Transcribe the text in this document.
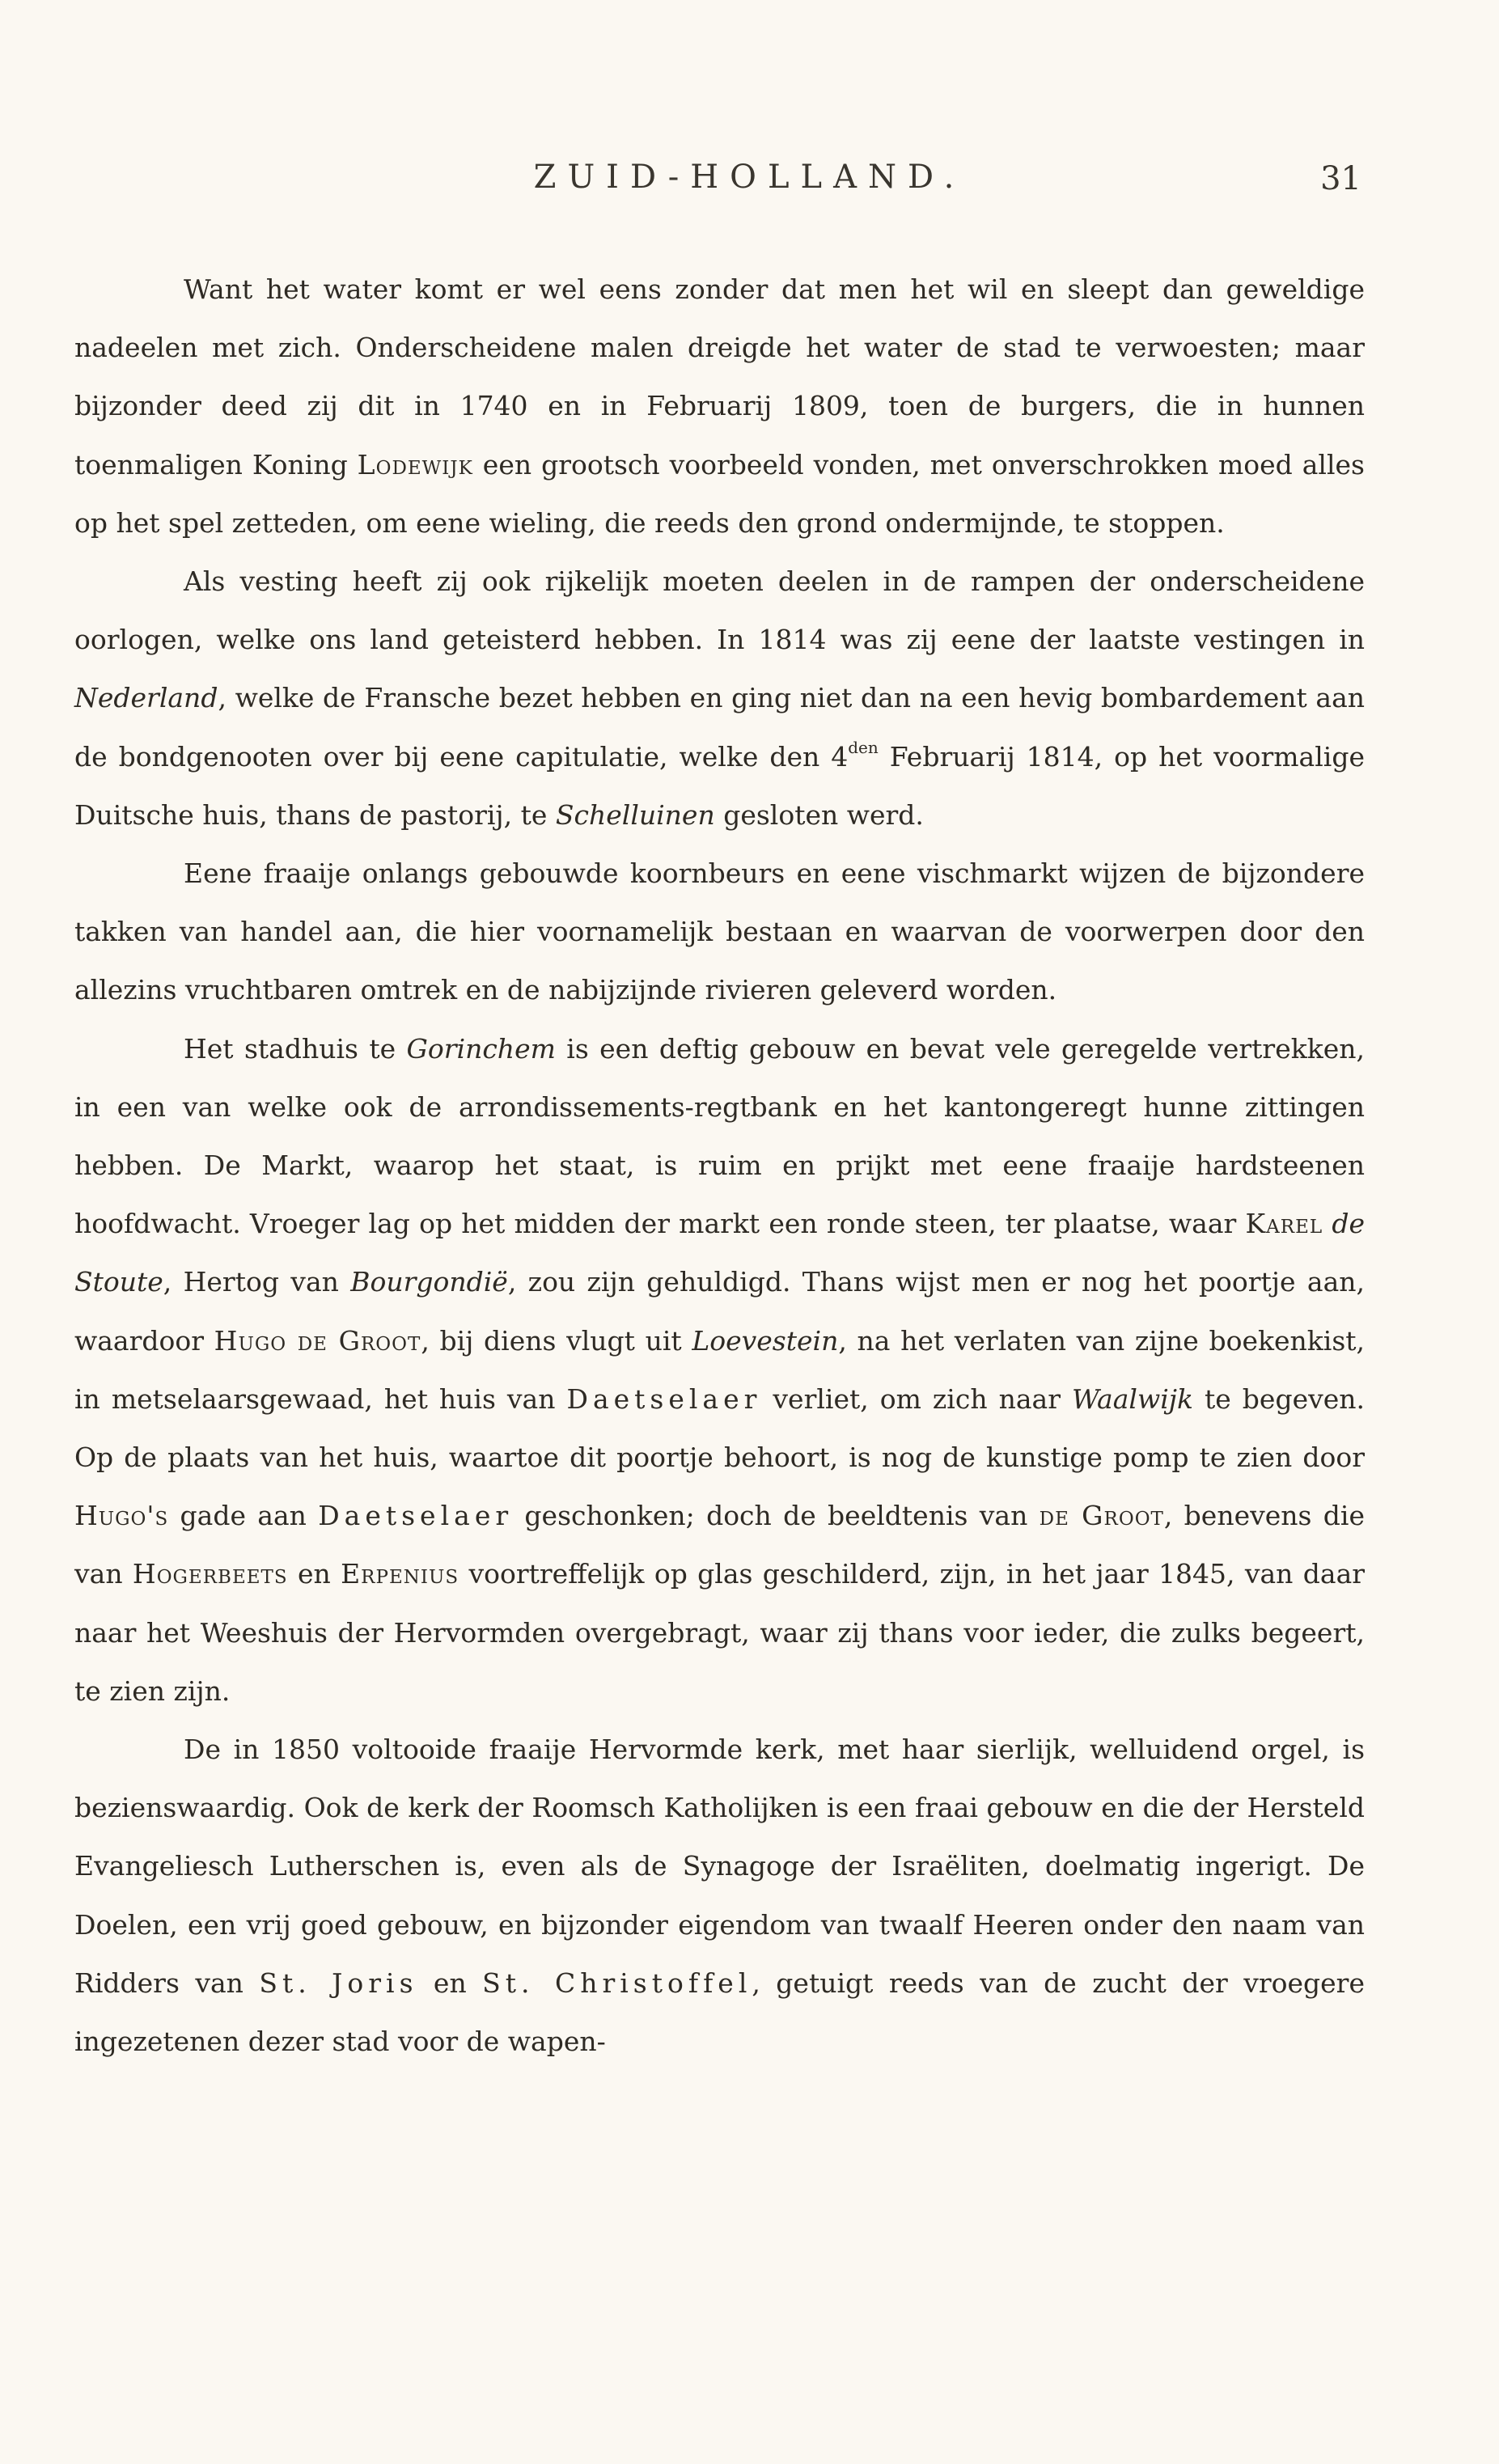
ZUID-HOLLAND.	31

Want het water komt er wel eens zonder dat men het wil en sleept dan geweldige nadeelen met zich. Onderscheidene malen dreigde het water de stad te verwoesten; maar bijzonder deed zij dit in 1740 en in Februarij 1809, toen de burgers, die in hunnen toenmaligen Koning Lodewijk een grootsch voorbeeld vonden, met onverschrokken moed alles op het spel zetteden, om eene wieling, die reeds den grond ondermijnde, te stoppen.

Als vesting heeft zij ook rijkelijk moeten deelen in de rampen der onderscheidene oorlogen, welke ons land geteisterd hebben. In 1814 was zij eene der laatste vestingen in Nederland, welke de Fransche bezet hebben en ging niet dan na een hevig bombardement aan de bondgenooten over bij eene capitulatie, welke den $4^{den}$ Februarij 1814, op het voormalige Duitsche huis, thans de pastorij, te Schelluinen gesloten werd.

Eene fraaije onlangs gebouwde koornbeurs en eene vischmarkt wijzen de bijzondere takken van handel aan, die hier voornamelijk bestaan en waarvan de voorwerpen door den allezins vruchtbaren omtrek en de nabijzijnde rivieren geleverd worden.

Het stadhuis te Gorinchem is een deftig gebouw en bevat vele geregelde vertrekken, in een van welke ook de arrondissements-regtbank en het kantongeregt hunne zittingen hebben. De Markt, waarop het staat, is ruim en prijkt met eene fraaije hardsteenen hoofdwacht. Vroeger lag op het midden der markt een ronde steen, ter plaatse, waar Karel de Stoute, Hertog van Bourgondië, zou zijn gehuldigd. Thans wijst men er nog het poortje aan, waardoor Hugo de Groot, bij diens vlugt uit Loevestein, na het verlaten van zijne boekenkist, in metselaarsgewaad, het huis van Daetselaer verliet, om zich naar Waalwijk te begeven. Op de plaats van het huis, waartoe dit poortje behoort, is nog de kunstige pomp te zien door Hugo's gade aan Daetselaer geschonken; doch de beeldtenis van de Groot, benevens die van Hogerbeets en Erpenius voortreffelijk op glas geschilderd, zijn, in het jaar 1845, van daar naar het Weeshuis der Hervormden overgebragt, waar zij thans voor ieder, die zulks begeert, te zien zijn.

De in 1850 voltooide fraaije Hervormde kerk, met haar sierlijk, welluidend orgel, is bezienswaardig. Ook de kerk der Roomsch Katholijken is een fraai gebouw en die der Hersteld Evangeliesch Lutherschen is, even als de Synagoge der Israëliten, doelmatig ingerigt. De Doelen, een vrij goed gebouw, en bijzonder eigendom van twaalf Heeren onder den naam van Ridders van St. Joris en St. Christoffel, getuigt reeds van de zucht der vroegere ingezetenen dezer stad voor de wapen-
